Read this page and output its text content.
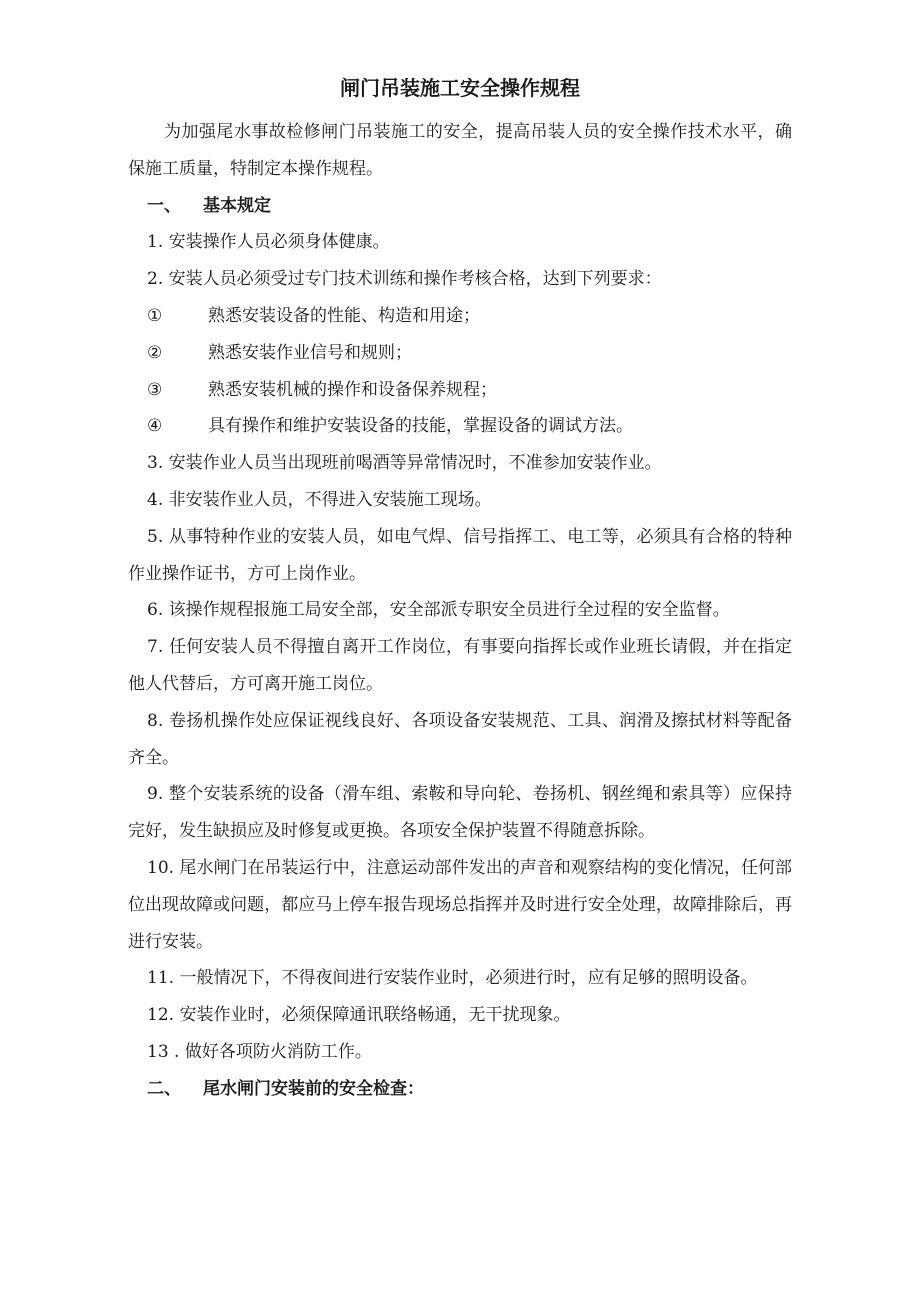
闸门吊装施工安全操作规程

为加强尾水事故检修闸门吊装施工的安全，提高吊装人员的安全操作技术水平，确保施工质量，特制定本操作规程。

一、 基本规定

1. 安装操作人员必须身体健康。

2. 安装人员必须受过专门技术训练和操作考核合格，达到下列要求：

①	熟悉安装设备的性能、构造和用途；

②	熟悉安装作业信号和规则；

③	熟悉安装机械的操作和设备保养规程；

④	具有操作和维护安装设备的技能，掌握设备的调试方法。

3. 安装作业人员当出现班前喝酒等异常情况时，不准参加安装作业。

4. 非安装作业人员，不得进入安装施工现场。

5. 从事特种作业的安装人员，如电气焊、信号指挥工、电工等，必须具有合格的特种作业操作证书，方可上岗作业。

6. 该操作规程报施工局安全部，安全部派专职安全员进行全过程的安全监督。

7. 任何安装人员不得擅自离开工作岗位，有事要向指挥长或作业班长请假，并在指定他人代替后，方可离开施工岗位。

8. 卷扬机操作处应保证视线良好、各项设备安装规范、工具、润滑及擦拭材料等配备齐全。

9. 整个安装系统的设备（滑车组、索鞍和导向轮、卷扬机、钢丝绳和索具等）应保持完好，发生缺损应及时修复或更换。各项安全保护装置不得随意拆除。

10. 尾水闸门在吊装运行中，注意运动部件发出的声音和观察结构的变化情况，任何部位出现故障或问题，都应马上停车报告现场总指挥并及时进行安全处理，故障排除后，再进行安装。

11. 一般情况下，不得夜间进行安装作业时，必须进行时，应有足够的照明设备。

12. 安装作业时，必须保障通讯联络畅通，无干扰现象。

13 . 做好各项防火消防工作。

二、 尾水闸门安装前的安全检查：
